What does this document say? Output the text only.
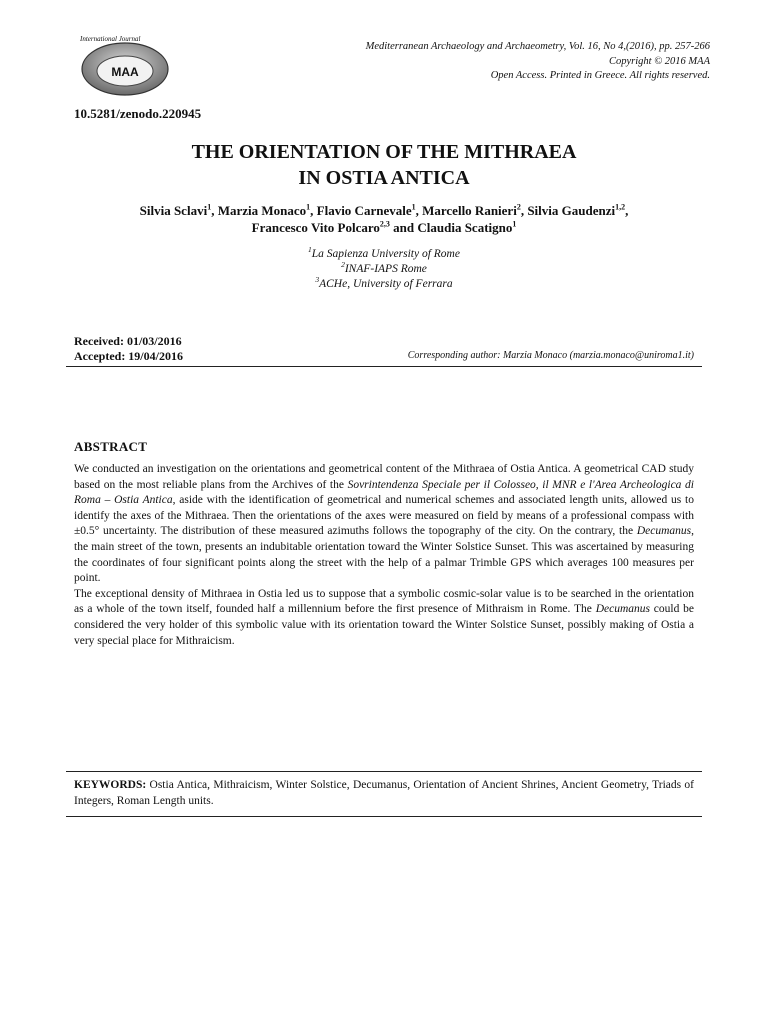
International Journal
MAA
Mediterranean Archaeology and Archaeometry, Vol. 16, No 4,(2016), pp. 257-266
Copyright © 2016 MAA
Open Access. Printed in Greece. All rights reserved.
10.5281/zenodo.220945
THE ORIENTATION OF THE MITHRAEA
IN OSTIA ANTICA
Silvia Sclavi$^1$, Marzia Monaco$^1$, Flavio Carnevale$^1$, Marcello Ranieri$^2$, Silvia Gaudenzi$^{1,2}$,
Francesco Vito Polcaro$^{2,3}$ and Claudia Scatigno$^1$
$^1$La Sapienza University of Rome
$^2$INAF-IAPS Rome
$^3$ACHe, University of Ferrara
Received: 01/03/2016
Accepted: 19/04/2016	Corresponding author: Marzia Monaco (marzia.monaco@uniroma1.it)
ABSTRACT

We conducted an investigation on the orientations and geometrical content of the Mithraea of Ostia Antica. A geometrical CAD study based on the most reliable plans from the Archives of the Sovrintendenza Speciale per il Colosseo, il MNR e l'Area Archeologica di Roma – Ostia Antica, aside with the identification of geometrical and numerical schemes and associated length units, allowed us to identify the axes of the Mithraea. Then the orientations of the axes were measured on field by means of a professional compass with ±0.5° uncertainty. The distribution of these measured azimuths follows the topography of the city. On the contrary, the Decumanus, the main street of the town, presents an indubitable orientation toward the Winter Solstice Sunset. This was ascertained by measuring the coordinates of four significant points along the street with the help of a palmar Trimble GPS which averages 100 measures per point.

The exceptional density of Mithraea in Ostia led us to suppose that a symbolic cosmic-solar value is to be searched in the orientation as a whole of the town itself, founded half a millennium before the first presence of Mithraism in Rome. The Decumanus could be considered the very holder of this symbolic value with its orientation toward the Winter Solstice Sunset, possibly making of Ostia a very special place for Mithraicism.

KEYWORDS: Ostia Antica, Mithraicism, Winter Solstice, Decumanus, Orientation of Ancient Shrines, Ancient Geometry, Triads of Integers, Roman Length units.
